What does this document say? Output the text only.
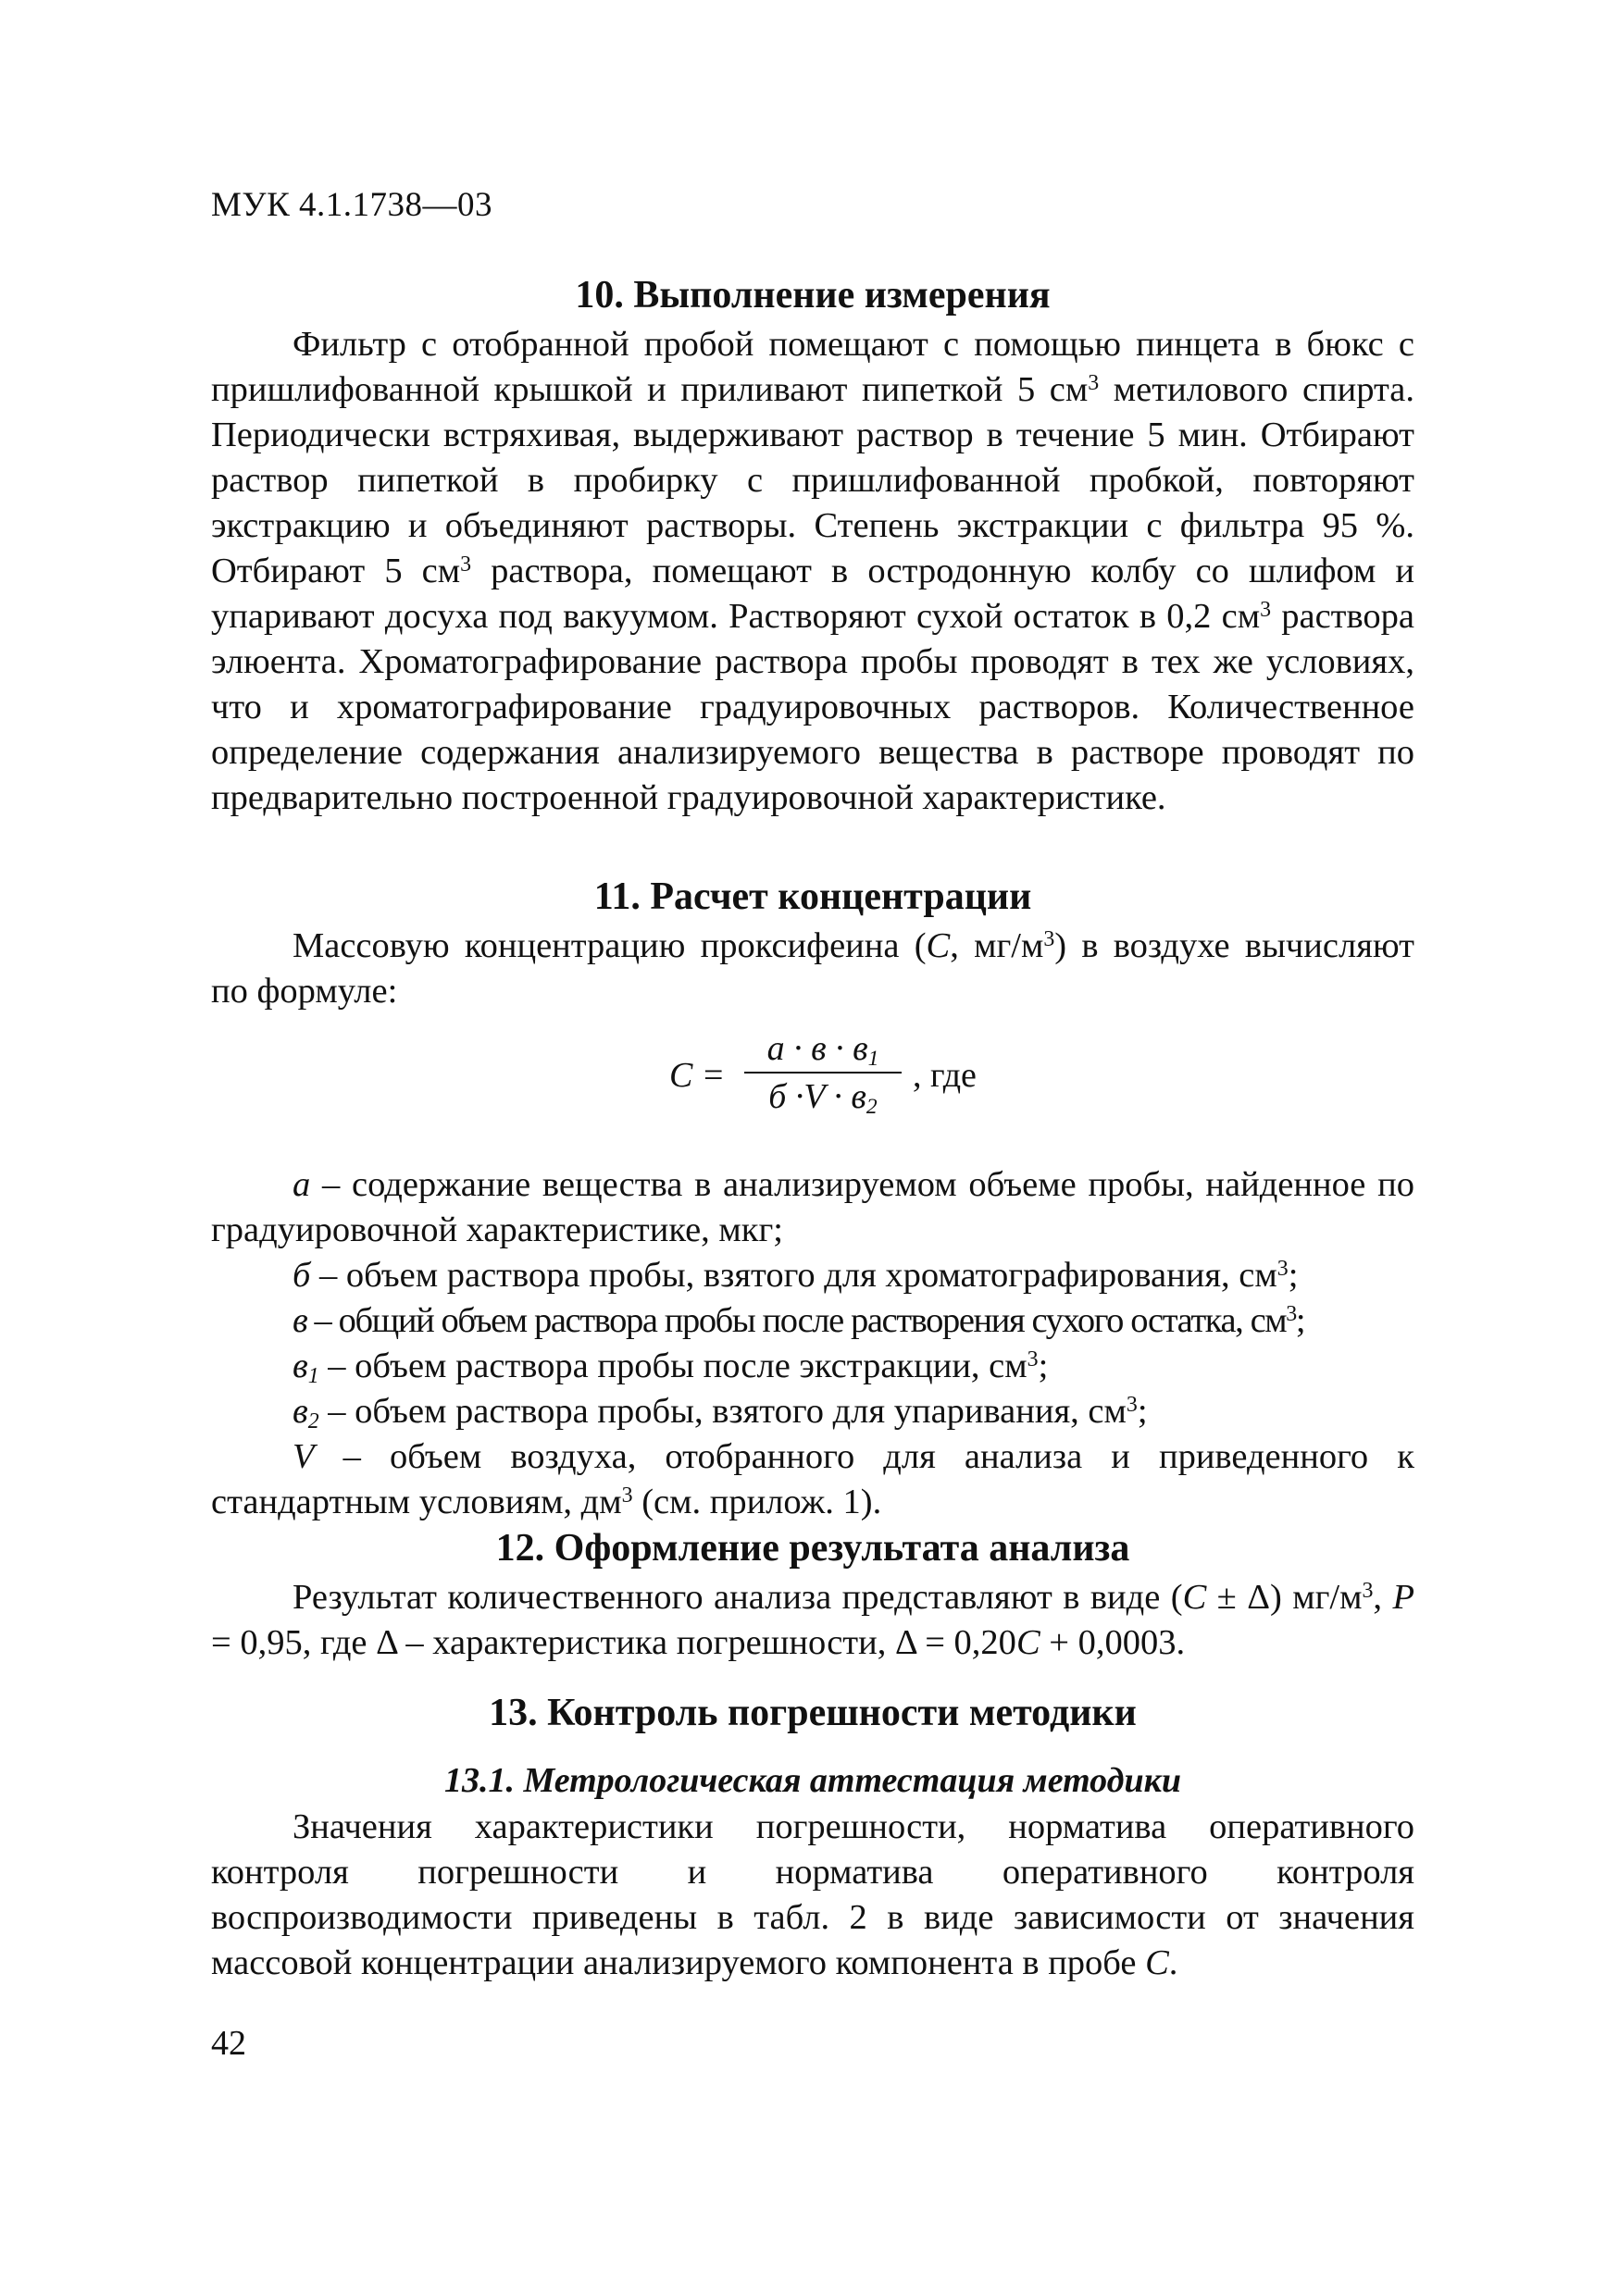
МУК 4.1.1738—03
10. Выполнение измерения

Фильтр с отобранной пробой помещают с помощью пинцета в бюкс с пришлифованной крышкой и приливают пипеткой 5 $см^3$ метилового спирта. Периодически встряхивая, выдерживают раствор в течение 5 мин. Отбирают раствор пипеткой в пробирку с пришлифованной пробкой, повторяют экстракцию и объединяют растворы. Степень экстракции с фильтра 95 %. Отбирают 5 $см^3$ раствора, помещают в остродонную колбу со шлифом и упаривают досуха под вакуумом. Растворяют сухой остаток в 0,2 $см^3$ раствора элюента. Хроматографирование раствора пробы проводят в тех же условиях, что и хроматографирование градуировочных растворов. Количественное определение содержания анализируемого вещества в растворе проводят по предварительно построенной градуировочной характеристике.

11. Расчет концентрации

Массовую концентрацию проксифеина (С, $мг/м^3$) в воздухе вычисляют по формуле:

С =
$а \cdot в \cdot в_1$
$б \cdot V \cdot в_2$
, где

а – содержание вещества в анализируемом объеме пробы, найденное по градуировочной характеристике, мкг;

б – объем раствора пробы, взятого для хроматографирования, $см^3$;

в – общий объем раствора пробы после растворения сухого остатка, $см^3$;

$в_1$ – объем раствора пробы после экстракции, $см^3$;

$в_2$ – объем раствора пробы, взятого для упаривания, $см^3$;

V – объем воздуха, отобранного для анализа и приведенного к стандартным условиям, $дм^3$ (см. прилож. 1).

12. Оформление результата анализа

Результат количественного анализа представляют в виде (С ± Δ) $мг/м^3$, Р = 0,95, где Δ – характеристика погрешности, Δ = 0,20С + 0,0003.

13. Контроль погрешности методики
13.1. Метрологическая аттестация методики

Значения характеристики погрешности, норматива оперативного контроля погрешности и норматива оперативного контроля воспроизводимости приведены в табл. 2 в виде зависимости от значения массовой концентрации анализируемого компонента в пробе С.

42
